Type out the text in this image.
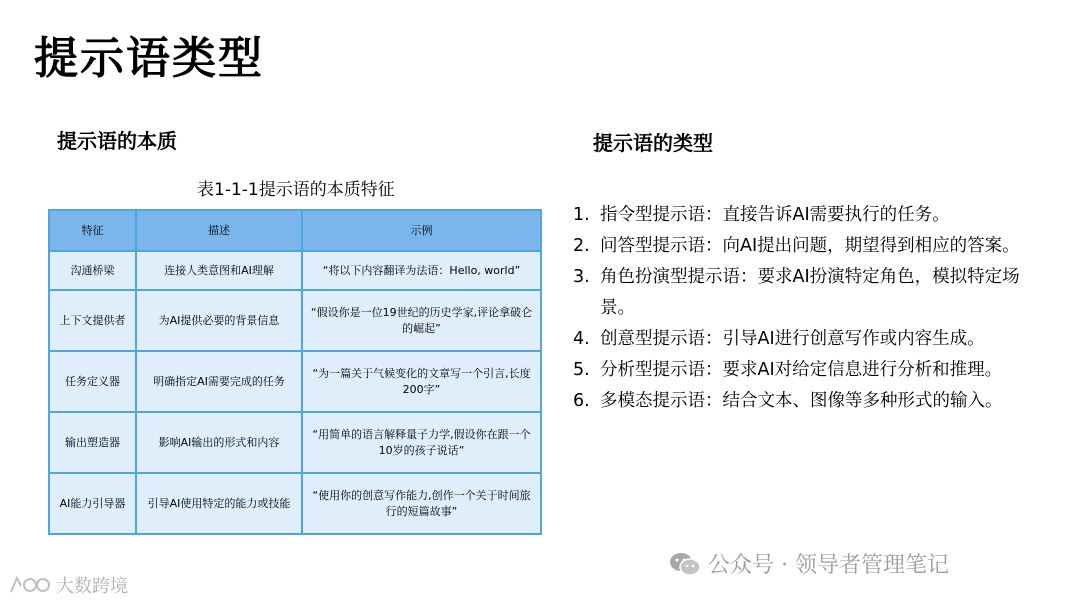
提示语类型
提示语的本质
表1-1-1提示语的本质特征
特征	描述	示例
沟通桥梁	连接人类意图和AI理解	“将以下内容翻译为法语：Hello, world”
上下文提供者	为AI提供必要的背景信息	“假设你是一位19世纪的历史学家,评论拿破仑的崛起”
任务定义器	明确指定AI需要完成的任务	“为一篇关于气候变化的文章写一个引言,长度200字”
输出塑造器	影响AI输出的形式和内容	“用简单的语言解释量子力学,假设你在跟一个10岁的孩子说话”
AI能力引导器	引导AI使用特定的能力或技能	“使用你的创意写作能力,创作一个关于时间旅行的短篇故事”
提示语的类型
1. 指令型提示语：直接告诉AI需要执行的任务。
2. 问答型提示语：向AI提出问题，期望得到相应的答案。
3. 角色扮演型提示语：要求AI扮演特定角色，模拟特定场景。
4. 创意型提示语：引导AI进行创意写作或内容生成。
5. 分析型提示语：要求AI对给定信息进行分析和推理。
6. 多模态提示语：结合文本、图像等多种形式的输入。
公众号 · 领导者管理笔记
大数跨境
